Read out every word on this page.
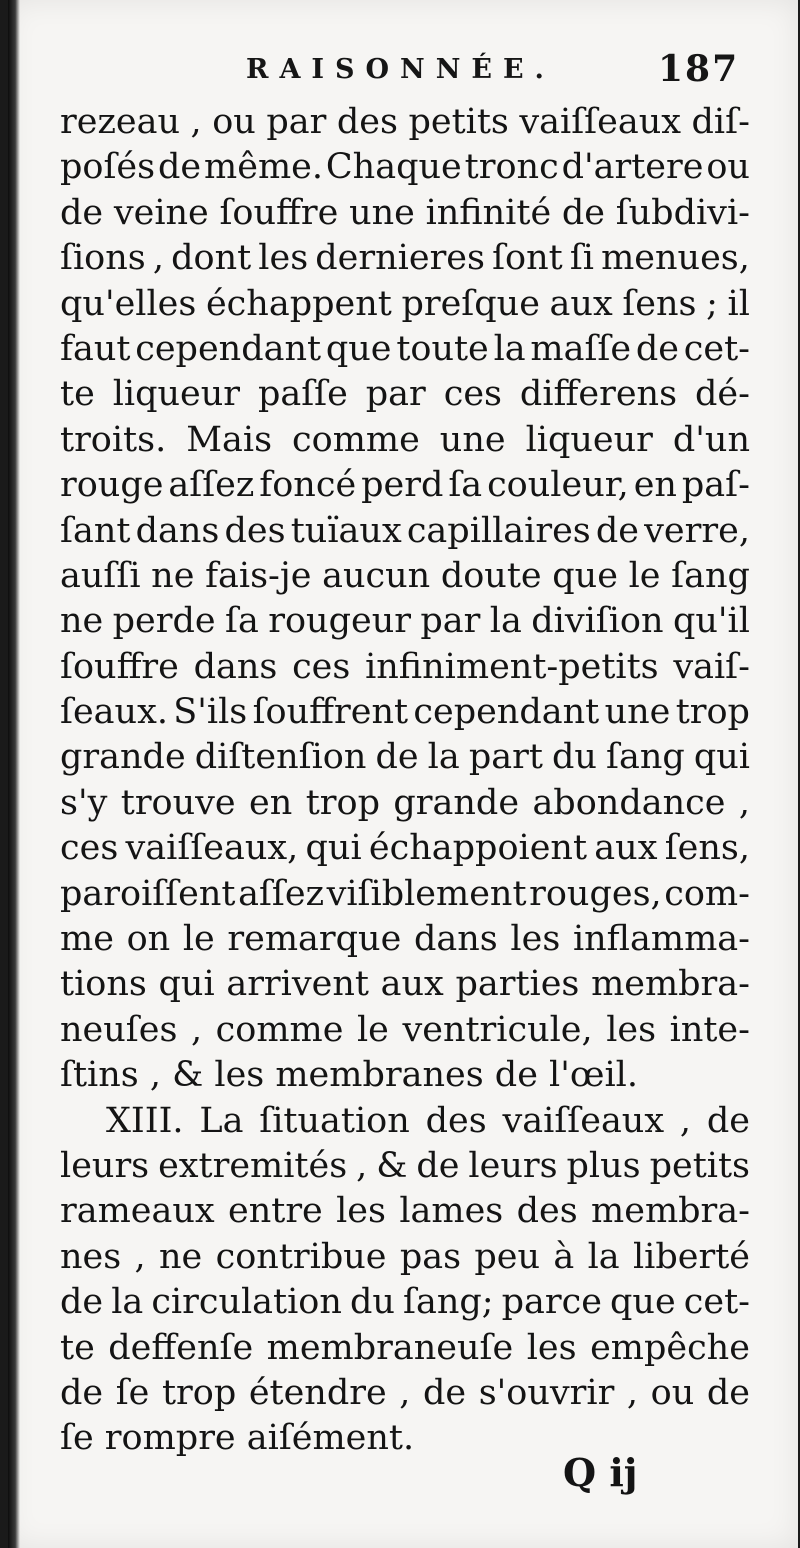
RAISONNÉE.	187
rezeau , ou par des petits vaiſſeaux diſ-
poſés de même. Chaque tronc d'artere ou
de veine ſouffre une infinité de ſubdivi-
ſions , dont les dernieres ſont ſi menues,
qu'elles échappent preſque aux ſens ; il
faut cependant que toute la maſſe de cet-
te liqueur paſſe par ces differens dé-
troits. Mais comme une liqueur d'un
rouge aſſez foncé perd ſa couleur, en paſ-
ſant dans des tuïaux capillaires de verre,
auſſi ne fais-je aucun doute que le ſang
ne perde ſa rougeur par la diviſion qu'il
ſouffre dans ces infiniment-petits vaiſ-
ſeaux. S'ils ſouffrent cependant une trop
grande diſtenſion de la part du ſang qui
s'y trouve en trop grande abondance ,
ces vaiſſeaux, qui échappoient aux ſens,
paroiſſent aſſez viſiblement rouges, com-
me on le remarque dans les inflamma-
tions qui arrivent aux parties membra-
neuſes , comme le ventricule, les inte-
ſtins , & les membranes de l'œil.
XIII. La ſituation des vaiſſeaux , de
leurs extremités , & de leurs plus petits
rameaux entre les lames des membra-
nes , ne contribue pas peu à la liberté
de la circulation du ſang; parce que cet-
te deffenſe membraneuſe les empêche
de ſe trop étendre , de s'ouvrir , ou de
ſe rompre aiſément.
Q ij
